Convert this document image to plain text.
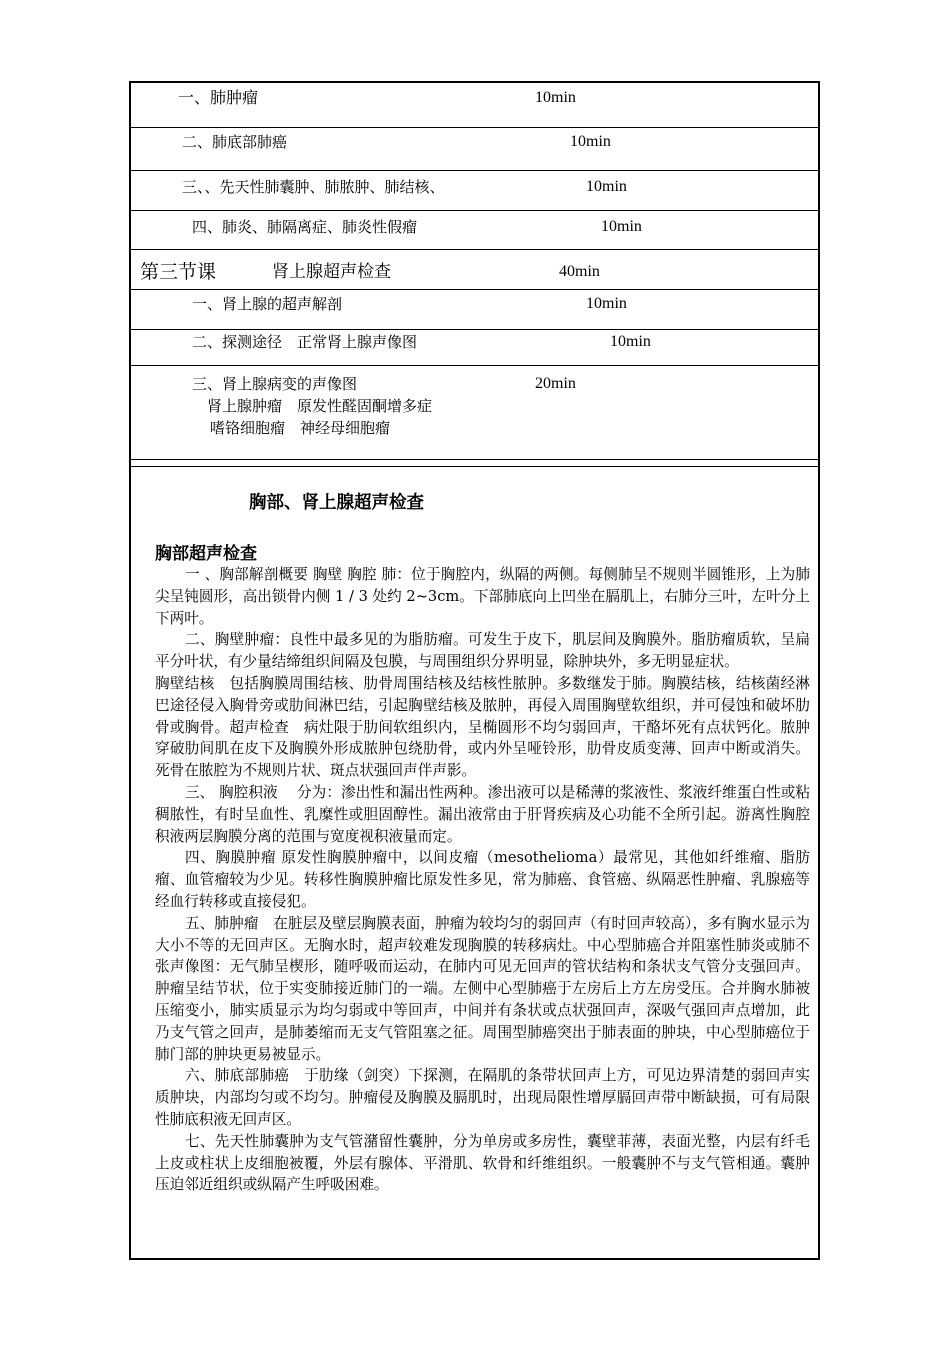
一、肺肿瘤	10min
二、肺底部肺癌	10min
三、、先天性肺囊肿、肺脓肿、肺结核、	10min
四、肺炎、肺隔离症、肺炎性假瘤	10min
第三节课	肾上腺超声检查	40min
一、肾上腺的超声解剖	10min
二、探测途径　正常肾上腺声像图	10min
三、肾上腺病变的声像图	20min
肾上腺肿瘤　原发性醛固酮增多症
嗜铬细胞瘤　神经母细胞瘤
胸部、肾上腺超声检查
胸部超声检查

一 、胸部解剖概要 胸壁 胸腔 肺：位于胸腔内，纵隔的两侧。每侧肺呈不规则半圆锥形，上为肺尖呈钝圆形，高出锁骨内侧 1 / 3 处约 2~3cm。下部肺底向上凹坐在膈肌上，右肺分三叶，左叶分上下两叶。

二、胸壁肿瘤：良性中最多见的为脂肪瘤。可发生于皮下，肌层间及胸膜外。脂肪瘤质软，呈扁平分叶状，有少量结缔组织间隔及包膜，与周围组织分界明显，除肿块外，多无明显症状。

胸壁结核　包括胸膜周围结核、肋骨周围结核及结核性脓肿。多数继发于肺。胸膜结核，结核菌经淋巴途径侵入胸骨旁或肋间淋巴结，引起胸壁结核及脓肿，再侵入周围胸壁软组织，并可侵蚀和破坏肋骨或胸骨。超声检查　病灶限于肋间软组织内，呈椭圆形不均匀弱回声，干酪坏死有点状钙化。脓肿穿破肋间肌在皮下及胸膜外形成脓肿包绕肋骨，或内外呈哑铃形，肋骨皮质变薄、回声中断或消失。死骨在脓腔为不规则片状、斑点状强回声伴声影。

三、 胸腔积液　 分为：渗出性和漏出性两种。渗出液可以是稀薄的浆液性、浆液纤维蛋白性或粘稠脓性，有时呈血性、乳糜性或胆固醇性。漏出液常由于肝肾疾病及心功能不全所引起。游离性胸腔积液两层胸膜分离的范围与宽度视积液量而定。

四、胸膜肿瘤 原发性胸膜肿瘤中，以间皮瘤（mesothelioma）最常见，其他如纤维瘤、脂肪瘤、血管瘤较为少见。转移性胸膜肿瘤比原发性多见，常为肺癌、食管癌、纵隔恶性肿瘤、乳腺癌等经血行转移或直接侵犯。

五、肺肿瘤　在脏层及壁层胸膜表面，肿瘤为较均匀的弱回声（有时回声较高），多有胸水显示为大小不等的无回声区。无胸水时，超声较难发现胸膜的转移病灶。中心型肺癌合并阻塞性肺炎或肺不张声像图：无气肺呈楔形，随呼吸而运动，在肺内可见无回声的管状结构和条状支气管分支强回声。肿瘤呈结节状，位于实变肺接近肺门的一端。左侧中心型肺癌于左房后上方左房受压。合并胸水肺被压缩变小，肺实质显示为均匀弱或中等回声，中间并有条状或点状强回声，深吸气强回声点增加，此乃支气管之回声，是肺萎缩而无支气管阻塞之征。周围型肺癌突出于肺表面的肿块，中心型肺癌位于肺门部的肿块更易被显示。

六、肺底部肺癌　于肋缘（剑突）下探测，在隔肌的条带状回声上方，可见边界清楚的弱回声实质肿块，内部均匀或不均匀。肿瘤侵及胸膜及膈肌时，出现局限性增厚膈回声带中断缺损，可有局限性肺底积液无回声区。

七、先天性肺囊肿为支气管潴留性囊肿，分为单房或多房性，囊壁菲薄，表面光整，内层有纤毛上皮或柱状上皮细胞被覆，外层有腺体、平滑肌、软骨和纤维组织。一般囊肿不与支气管相通。囊肿压迫邻近组织或纵隔产生呼吸困难。
